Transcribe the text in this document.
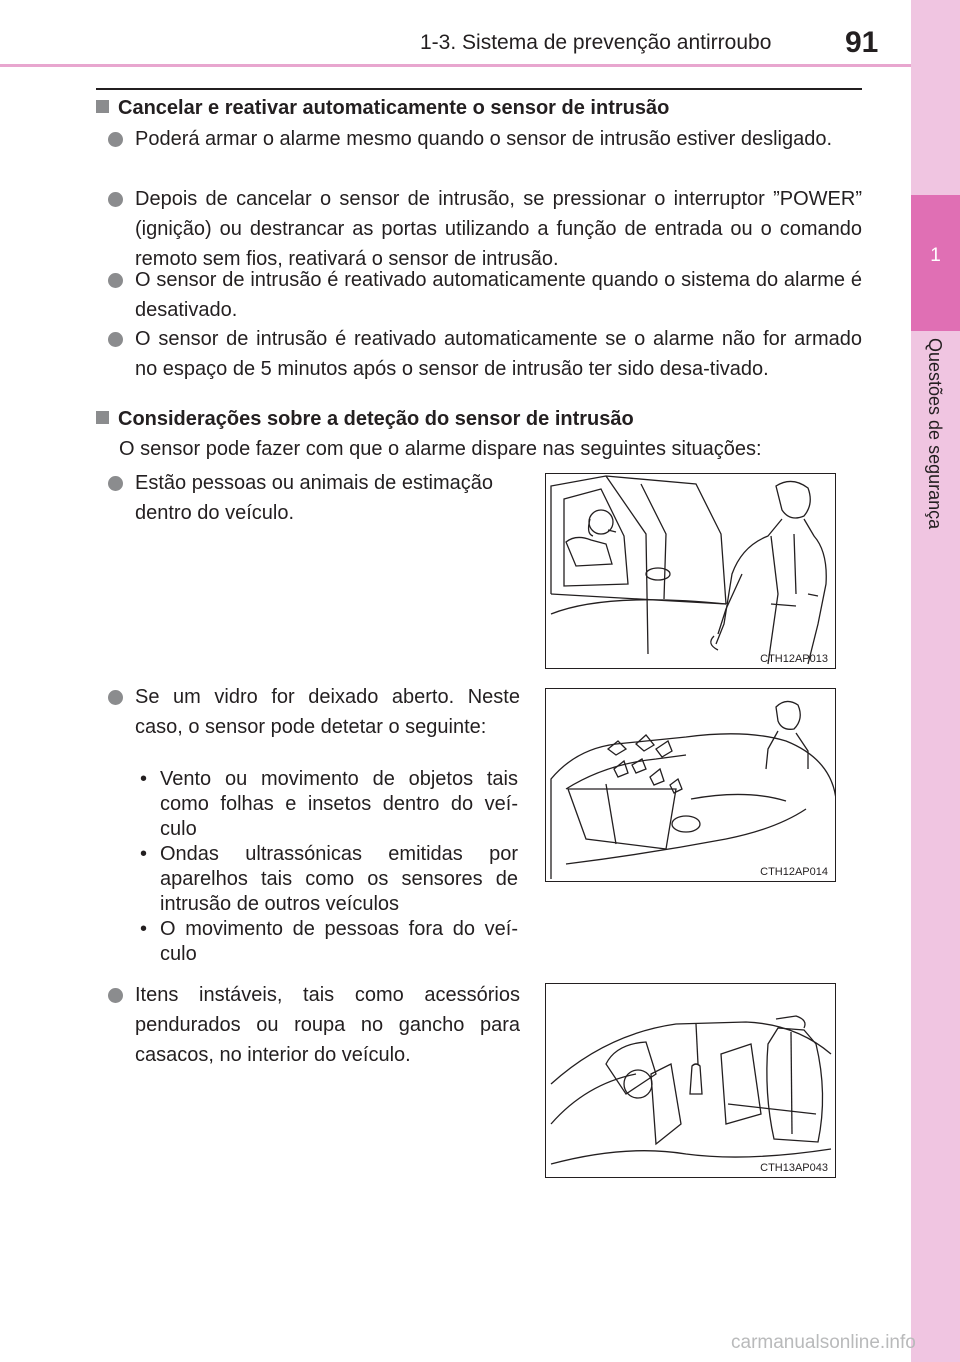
1-3. Sistema de prevenção antirroubo 91
1
Questões de segurança
Cancelar e reativar automaticamente o sensor de intrusão
Poderá armar o alarme mesmo quando o sensor de intrusão estiver desligado.
Depois de cancelar o sensor de intrusão, se pressionar o interruptor ”POWER” (ignição) ou destrancar as portas utilizando a função de entrada ou o comando remoto sem fios, reativará o sensor de intrusão.
O sensor de intrusão é reativado automaticamente quando o sistema do alarme é desativado.
O sensor de intrusão é reativado automaticamente se o alarme não for armado no espaço de 5 minutos após o sensor de intrusão ter sido desa-tivado.
Considerações sobre a deteção do sensor de intrusão
O sensor pode fazer com que o alarme dispare nas seguintes situações:
Estão pessoas ou animais de estimação dentro do veículo.
Se um vidro for deixado aberto. Neste caso, o sensor pode detetar o seguinte:
• Vento ou movimento de objetos tais como folhas e insetos dentro do veí-culo
• Ondas ultrassónicas emitidas por aparelhos tais como os sensores de intrusão de outros veículos
• O movimento de pessoas fora do veí-culo
Itens instáveis, tais como acessórios pendurados ou roupa no gancho para casacos, no interior do veículo.
CTH12AP013
CTH12AP014
CTH13AP043
carmanualsonline.info
